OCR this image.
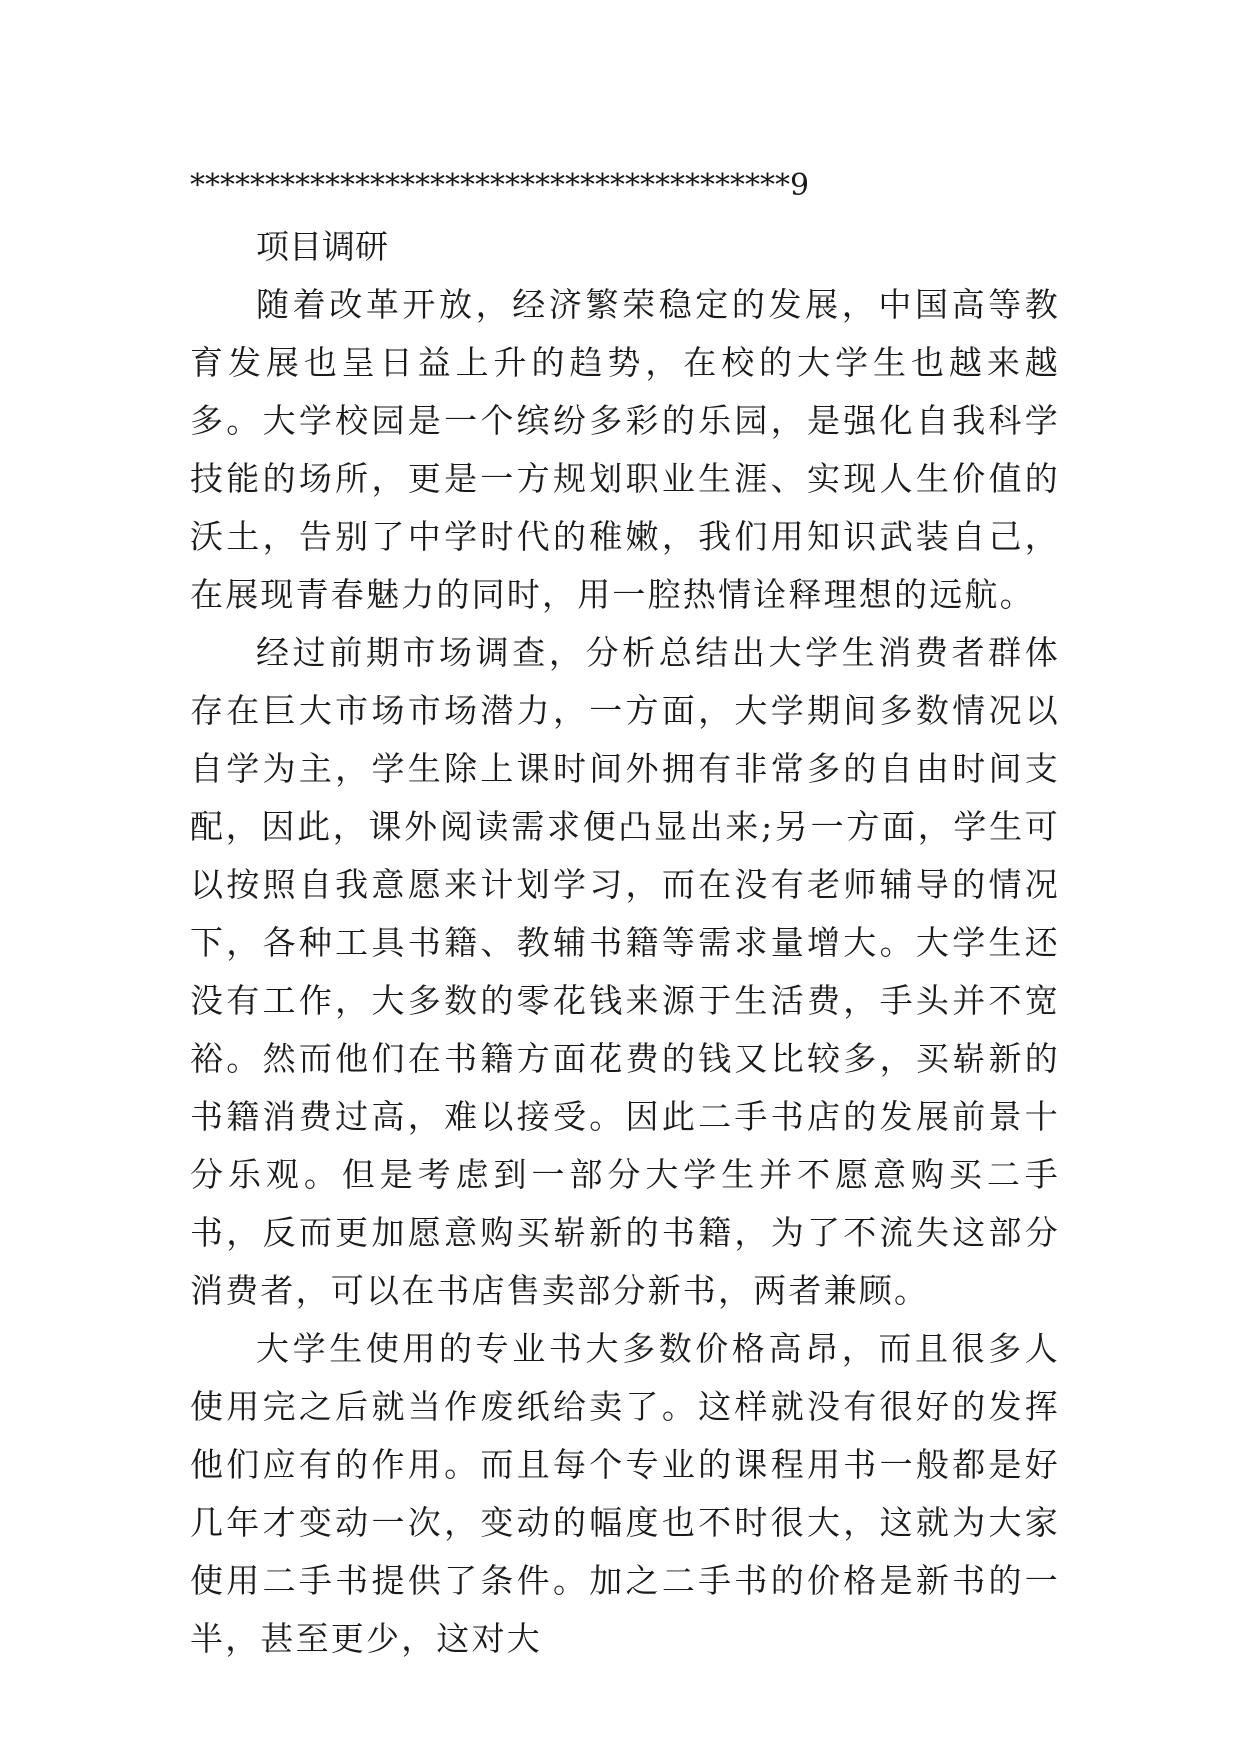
****************************************9

项目调研

随着改革开放，经济繁荣稳定的发展，中国高等教育发展也呈日益上升的趋势，在校的大学生也越来越多。大学校园是一个缤纷多彩的乐园，是强化自我科学技能的场所，更是一方规划职业生涯、实现人生价值的沃土，告别了中学时代的稚嫩，我们用知识武装自己，在展现青春魅力的同时，用一腔热情诠释理想的远航。

经过前期市场调查，分析总结出大学生消费者群体存在巨大市场市场潜力，一方面，大学期间多数情况以自学为主，学生除上课时间外拥有非常多的自由时间支配，因此，课外阅读需求便凸显出来;另一方面，学生可以按照自我意愿来计划学习，而在没有老师辅导的情况下，各种工具书籍、教辅书籍等需求量增大。大学生还没有工作，大多数的零花钱来源于生活费，手头并不宽裕。然而他们在书籍方面花费的钱又比较多，买崭新的书籍消费过高，难以接受。因此二手书店的发展前景十分乐观。但是考虑到一部分大学生并不愿意购买二手书，反而更加愿意购买崭新的书籍，为了不流失这部分消费者，可以在书店售卖部分新书，两者兼顾。

大学生使用的专业书大多数价格高昂，而且很多人使用完之后就当作废纸给卖了。这样就没有很好的发挥他们应有的作用。而且每个专业的课程用书一般都是好几年才变动一次，变动的幅度也不时很大，这就为大家使用二手书提供了条件。加之二手书的价格是新书的一半，甚至更少，这对大
